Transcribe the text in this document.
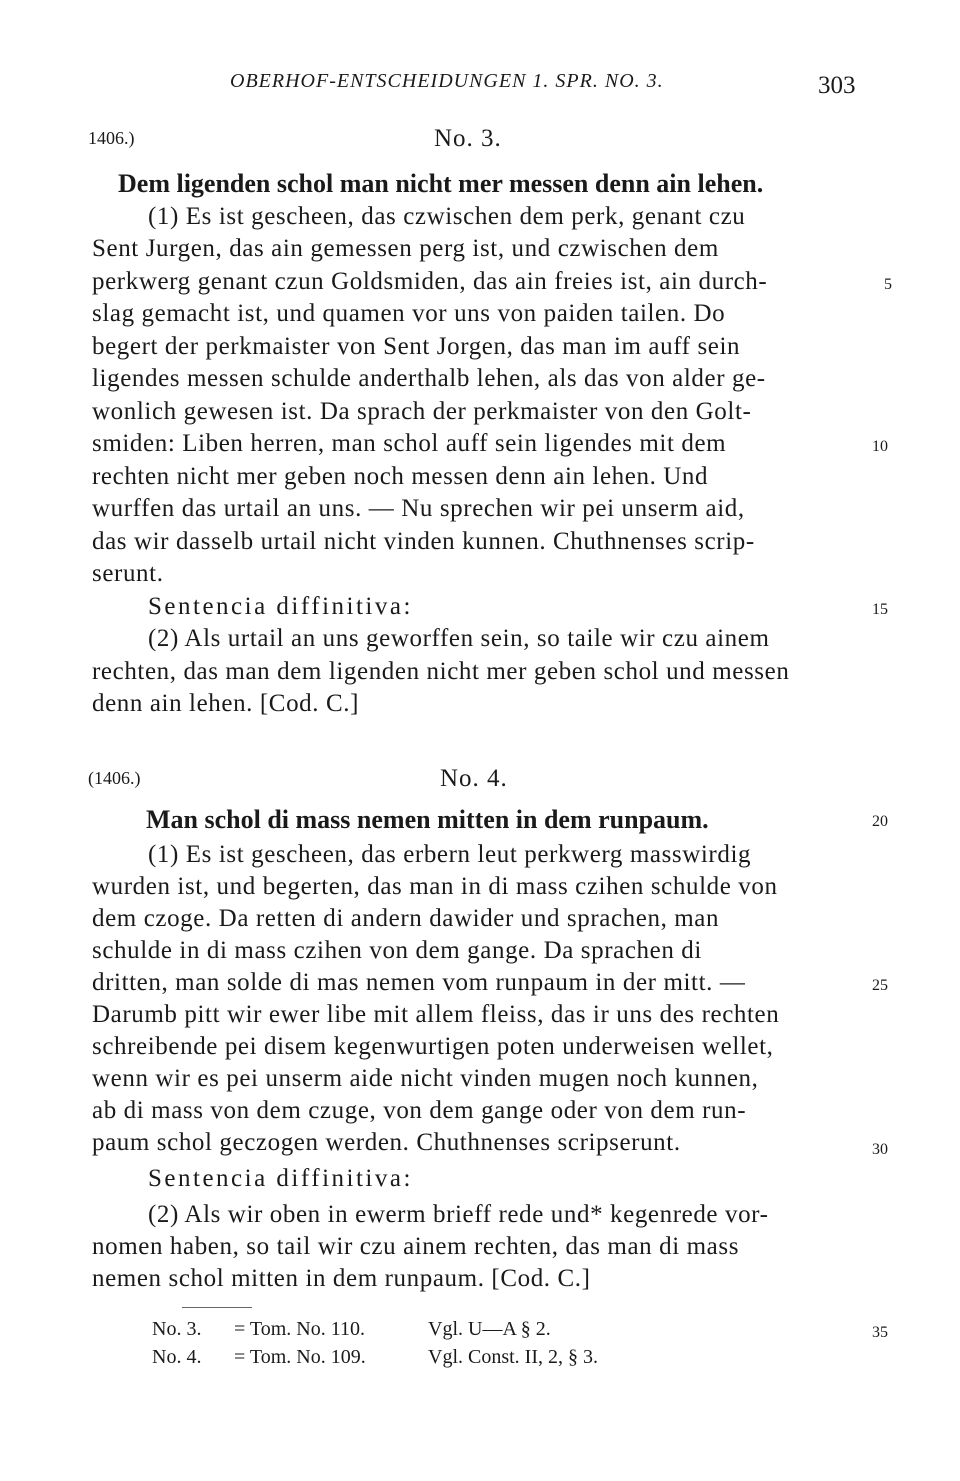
OBERHOF-ENTSCHEIDUNGEN 1. SPR. NO. 3.	303
1406.)	No. 3.
Dem ligenden schol man nicht mer messen denn ain lehen.
(1) Es ist gescheen, das czwischen dem perk, genant czu
Sent Jurgen, das ain gemessen perg ist, und czwischen dem
perkwerg genant czun Goldsmiden, das ain freies ist, ain durch-
slag gemacht ist, und quamen vor uns von paiden tailen. Do
begert der perkmaister von Sent Jorgen, das man im auff sein
ligendes messen schulde anderthalb lehen, als das von alder ge-
wonlich gewesen ist. Da sprach der perkmaister von den Golt-
smiden: Liben herren, man schol auff sein ligendes mit dem
rechten nicht mer geben noch messen denn ain lehen. Und
wurffen das urtail an uns. — Nu sprechen wir pei unserm aid,
das wir dasselb urtail nicht vinden kunnen. Chuthnenses scrip-
serunt.
Sentencia diffinitiva:
(2) Als urtail an uns geworffen sein, so taile wir czu ainem
rechten, das man dem ligenden nicht mer geben schol und messen
denn ain lehen. [Cod. C.]
(1406.)	No. 4.
Man schol di mass nemen mitten in dem runpaum.
(1) Es ist gescheen, das erbern leut perkwerg masswirdig
wurden ist, und begerten, das man in di mass czihen schulde von
dem czoge. Da retten di andern dawider und sprachen, man
schulde in di mass czihen von dem gange. Da sprachen di
dritten, man solde di mas nemen vom runpaum in der mitt. —
Darumb pitt wir ewer libe mit allem fleiss, das ir uns des rechten
schreibende pei disem kegenwurtigen poten underweisen wellet,
wenn wir es pei unserm aide nicht vinden mugen noch kunnen,
ab di mass von dem czuge, von dem gange oder von dem run-
paum schol geczogen werden. Chuthnenses scripserunt.
Sentencia diffinitiva:
(2) Als wir oben in ewerm brieff rede und* kegenrede vor-
nomen haben, so tail wir czu ainem rechten, das man di mass
nemen schol mitten in dem runpaum. [Cod. C.]
No. 3. = Tom. No. 110.	Vgl. U—A § 2.
No. 4. = Tom. No. 109.	Vgl. Const. II, 2, § 3.
5
10
15
20
25
30
35
